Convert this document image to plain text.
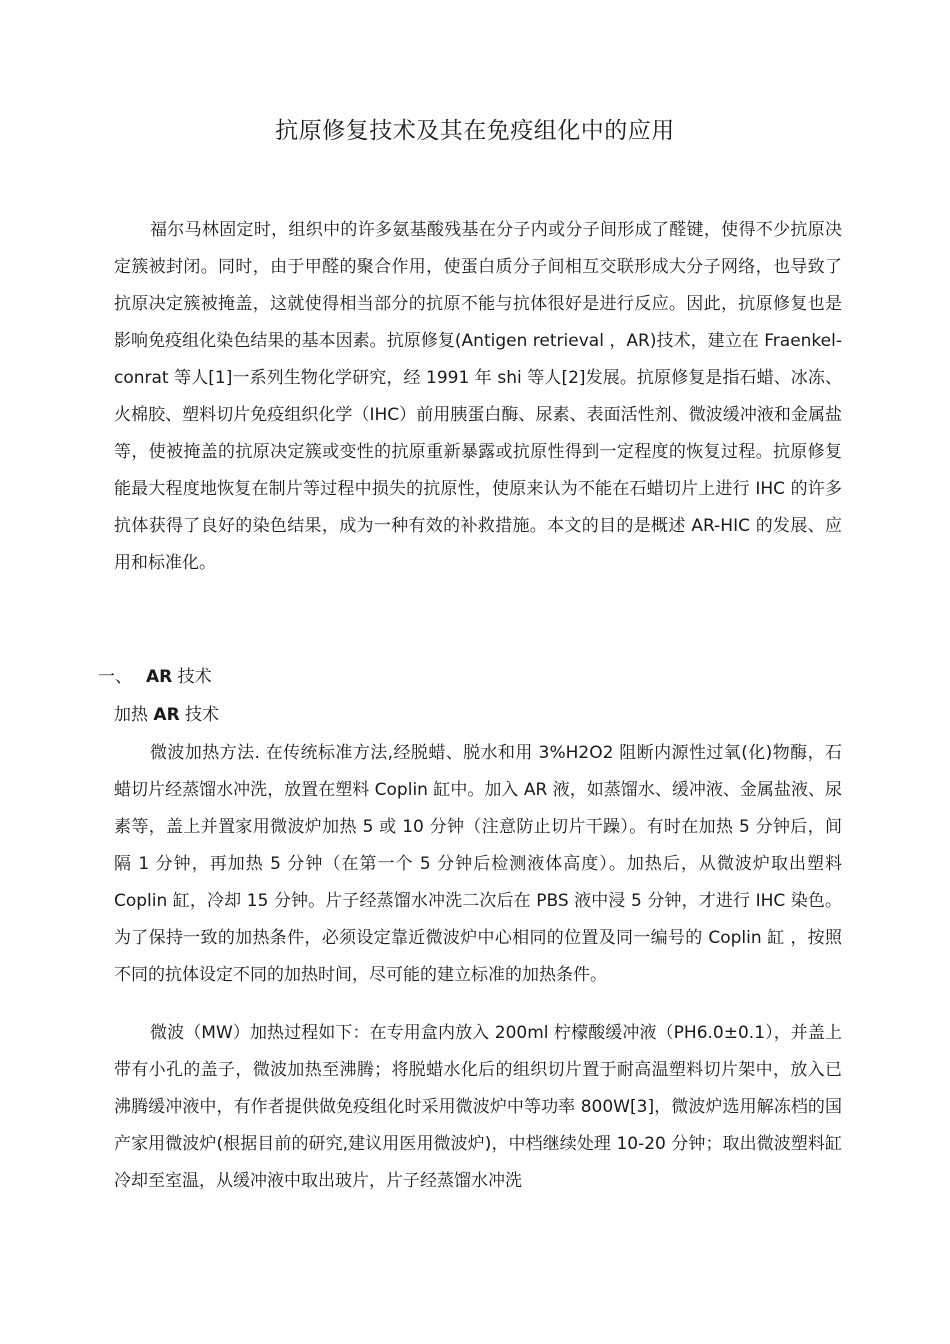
抗原修复技术及其在免疫组化中的应用

福尔马林固定时，组织中的许多氨基酸残基在分子内或分子间形成了醛键，使得不少抗原决定簇被封闭。同时，由于甲醛的聚合作用，使蛋白质分子间相互交联形成大分子网络，也导致了抗原决定簇被掩盖，这就使得相当部分的抗原不能与抗体很好是进行反应。因此，抗原修复也是影响免疫组化染色结果的基本因素。抗原修复(Antigen retrieval ，AR)技术，建立在 Fraenkel-conrat 等人[1]一系列生物化学研究，经 1991 年 shi 等人[2]发展。抗原修复是指石蜡、冰冻、火棉胶、塑料切片免疫组织化学（IHC）前用胰蛋白酶、尿素、表面活性剂、微波缓冲液和金属盐等，使被掩盖的抗原决定簇或变性的抗原重新暴露或抗原性得到一定程度的恢复过程。抗原修复能最大程度地恢复在制片等过程中损失的抗原性，使原来认为不能在石蜡切片上进行 IHC 的许多抗体获得了良好的染色结果，成为一种有效的补救措施。本文的目的是概述 AR-HIC 的发展、应用和标准化。

一、 AR 技术
加热 AR 技术

微波加热方法. 在传统标准方法,经脱蜡、脱水和用 3%H2O2 阻断内源性过氧(化)物酶，石蜡切片经蒸馏水冲洗，放置在塑料 Coplin 缸中。加入 AR 液，如蒸馏水、缓冲液、金属盐液、尿素等，盖上并置家用微波炉加热 5 或 10 分钟（注意防止切片干躁）。有时在加热 5 分钟后，间隔 1 分钟，再加热 5 分钟（在第一个 5 分钟后检测液体高度）。加热后，从微波炉取出塑料 Coplin 缸，冷却 15 分钟。片子经蒸馏水冲洗二次后在 PBS 液中浸 5 分钟，才进行 IHC 染色。为了保持一致的加热条件，必须设定靠近微波炉中心相同的位置及同一编号的 Coplin 缸 ，按照不同的抗体设定不同的加热时间，尽可能的建立标准的加热条件。

微波（MW）加热过程如下：在专用盒内放入 200ml 柠檬酸缓冲液（PH6.0±0.1），并盖上带有小孔的盖子，微波加热至沸腾；将脱蜡水化后的组织切片置于耐高温塑料切片架中，放入已沸腾缓冲液中，有作者提供做免疫组化时采用微波炉中等功率 800W[3]，微波炉选用解冻档的国产家用微波炉(根据目前的研究,建议用医用微波炉)，中档继续处理 10-20 分钟；取出微波塑料缸冷却至室温，从缓冲液中取出玻片，片子经蒸馏水冲洗
